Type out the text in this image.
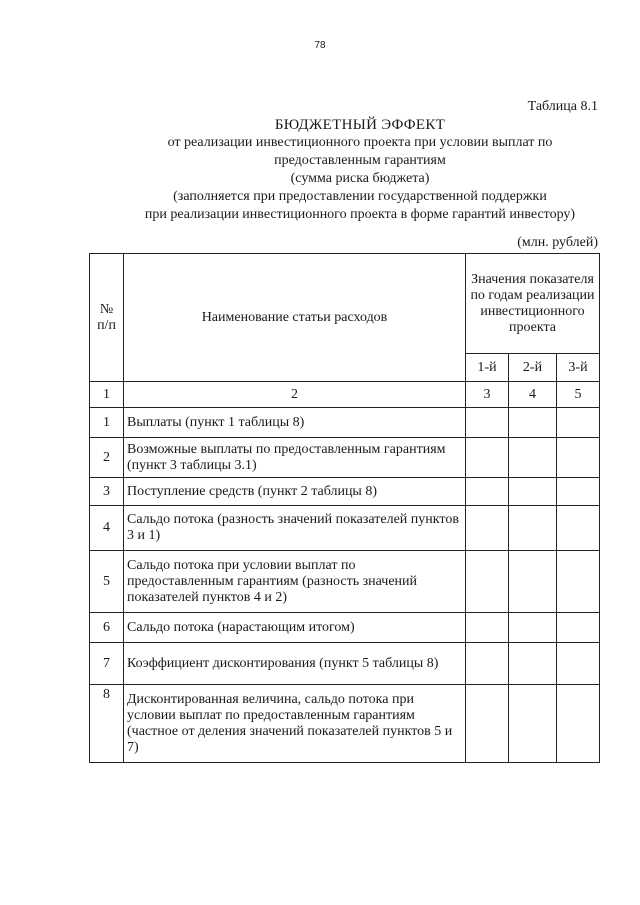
78
Таблица 8.1
БЮДЖЕТНЫЙ ЭФФЕКТ
от реализации инвестиционного проекта при условии выплат по
предоставленным гарантиям
(сумма риска бюджета)
(заполняется при предоставлении государственной поддержки
при реализации инвестиционного проекта в форме гарантий инвестору)
(млн. рублей)
№ п/п	Наименование статьи расходов	Значения показателя по годам реализации инвестиционного проекта		
		1-й	2-й	3-й
1	2	3	4	5
1	Выплаты (пункт 1 таблицы 8)			
2	Возможные выплаты по предоставленным гарантиям (пункт 3 таблицы 3.1)			
3	Поступление средств (пункт 2 таблицы 8)			
4	Сальдо потока (разность значений показателей пунктов 3 и 1)			
5	Сальдо потока при условии выплат по предоставленным гарантиям (разность значений показателей пунктов 4 и 2)			
6	Сальдо потока (нарастающим итогом)			
7	Коэффициент дисконтирования (пункт 5 таблицы 8)			
8	Дисконтированная величина, сальдо потока при условии выплат по предоставленным гарантиям (частное от деления значений показателей пунктов 5 и 7)			
